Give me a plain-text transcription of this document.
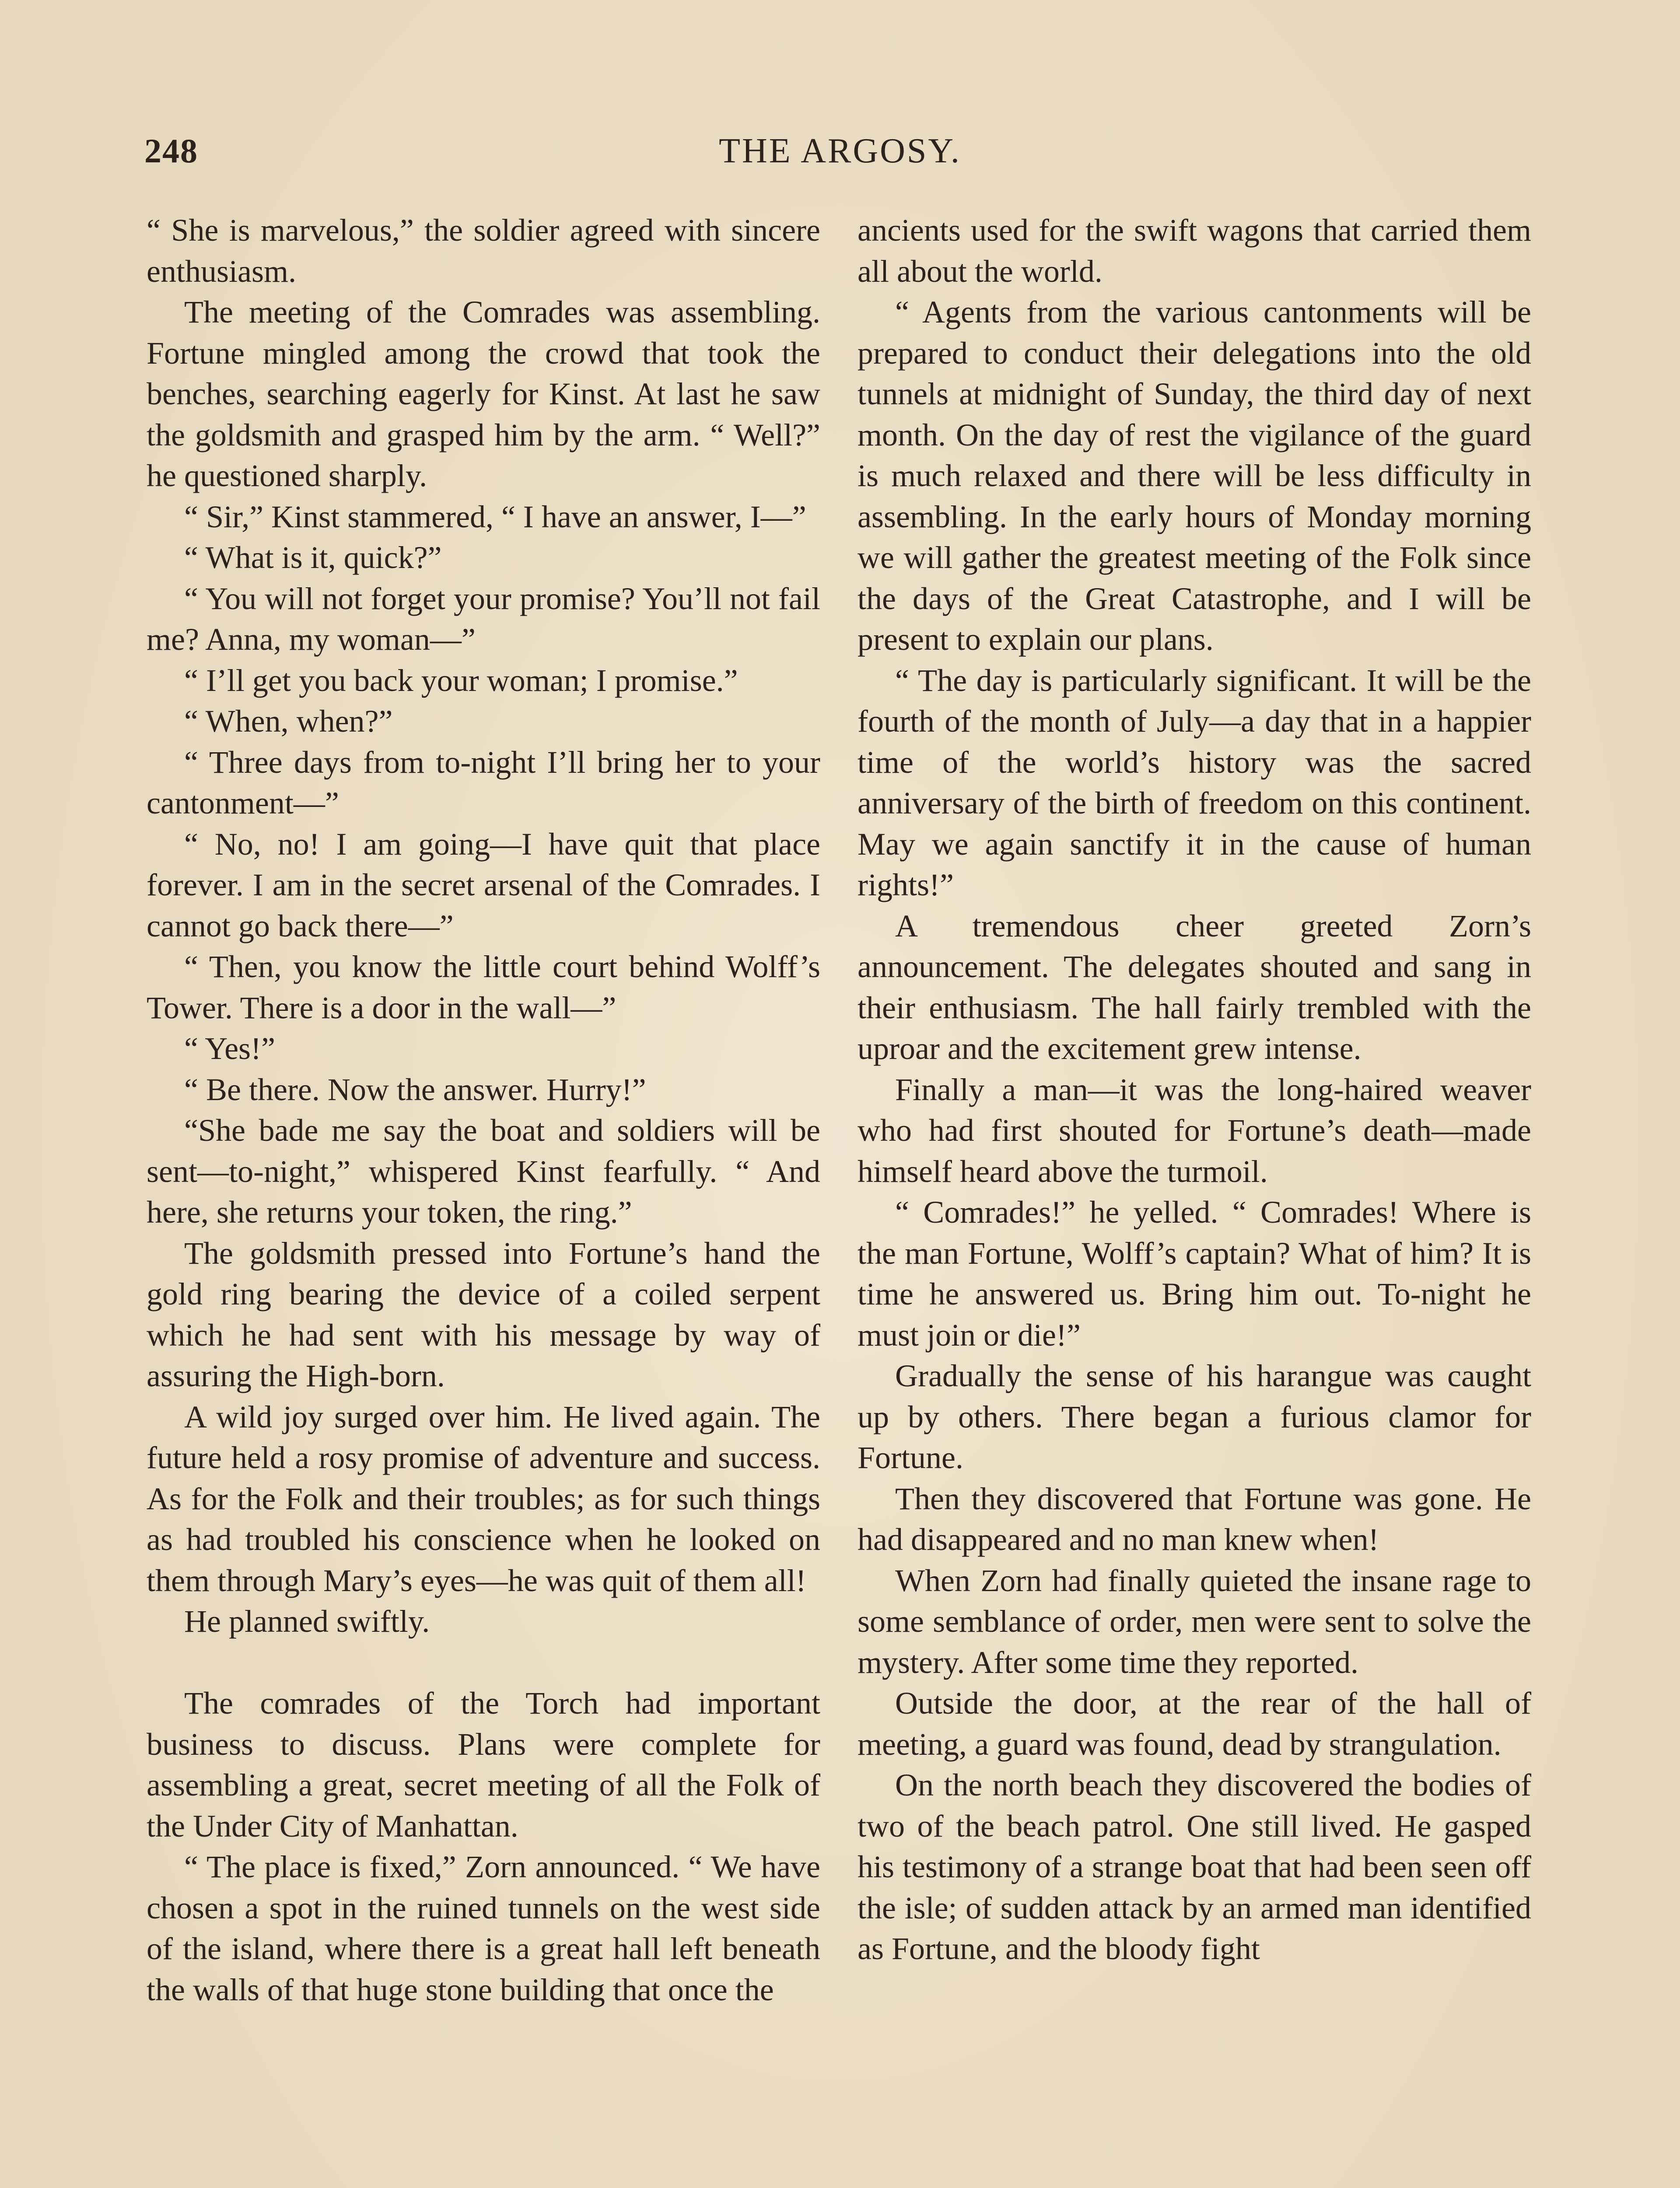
248	THE ARGOSY.

“ She is marvelous,” the soldier agreed with sincere enthusiasm.

The meeting of the Comrades was assembling. Fortune mingled among the crowd that took the benches, searching eagerly for Kinst. At last he saw the goldsmith and grasped him by the arm. “ Well?” he questioned sharply.

“ Sir,” Kinst stammered, “ I have an answer, I—”

“ What is it, quick?”

“ You will not forget your promise? You’ll not fail me? Anna, my woman—”

“ I’ll get you back your woman; I promise.”

“ When, when?”

“ Three days from to-night I’ll bring her to your cantonment—”

“ No, no! I am going—I have quit that place forever. I am in the secret arsenal of the Comrades. I cannot go back there—”

“ Then, you know the little court behind Wolff’s Tower. There is a door in the wall—”

“ Yes!”

“ Be there. Now the answer. Hurry!”

“She bade me say the boat and soldiers will be sent—to-night,” whispered Kinst fearfully. “ And here, she returns your token, the ring.”

The goldsmith pressed into Fortune’s hand the gold ring bearing the device of a coiled serpent which he had sent with his message by way of assuring the High-born.

A wild joy surged over him. He lived again. The future held a rosy promise of adventure and success. As for the Folk and their troubles; as for such things as had troubled his conscience when he looked on them through Mary’s eyes—he was quit of them all!

He planned swiftly.

The comrades of the Torch had important business to discuss. Plans were complete for assembling a great, secret meeting of all the Folk of the Under City of Manhattan.

“ The place is fixed,” Zorn announced. “ We have chosen a spot in the ruined tunnels on the west side of the island, where there is a great hall left beneath the walls of that huge stone building that once the

ancients used for the swift wagons that carried them all about the world.

“ Agents from the various cantonments will be prepared to conduct their delegations into the old tunnels at midnight of Sunday, the third day of next month. On the day of rest the vigilance of the guard is much relaxed and there will be less difficulty in assembling. In the early hours of Monday morning we will gather the greatest meeting of the Folk since the days of the Great Catastrophe, and I will be present to explain our plans.

“ The day is particularly significant. It will be the fourth of the month of July—a day that in a happier time of the world’s history was the sacred anniversary of the birth of freedom on this continent. May we again sanctify it in the cause of human rights!”

A tremendous cheer greeted Zorn’s announcement. The delegates shouted and sang in their enthusiasm. The hall fairly trembled with the uproar and the excitement grew intense.

Finally a man—it was the long-haired weaver who had first shouted for Fortune’s death—made himself heard above the turmoil.

“ Comrades!” he yelled. “ Comrades! Where is the man Fortune, Wolff’s captain? What of him? It is time he answered us. Bring him out. To-night he must join or die!”

Gradually the sense of his harangue was caught up by others. There began a furious clamor for Fortune.

Then they discovered that Fortune was gone. He had disappeared and no man knew when!

When Zorn had finally quieted the insane rage to some semblance of order, men were sent to solve the mystery. After some time they reported.

Outside the door, at the rear of the hall of meeting, a guard was found, dead by strangulation.

On the north beach they discovered the bodies of two of the beach patrol. One still lived. He gasped his testimony of a strange boat that had been seen off the isle; of sudden attack by an armed man identified as Fortune, and the bloody fight
